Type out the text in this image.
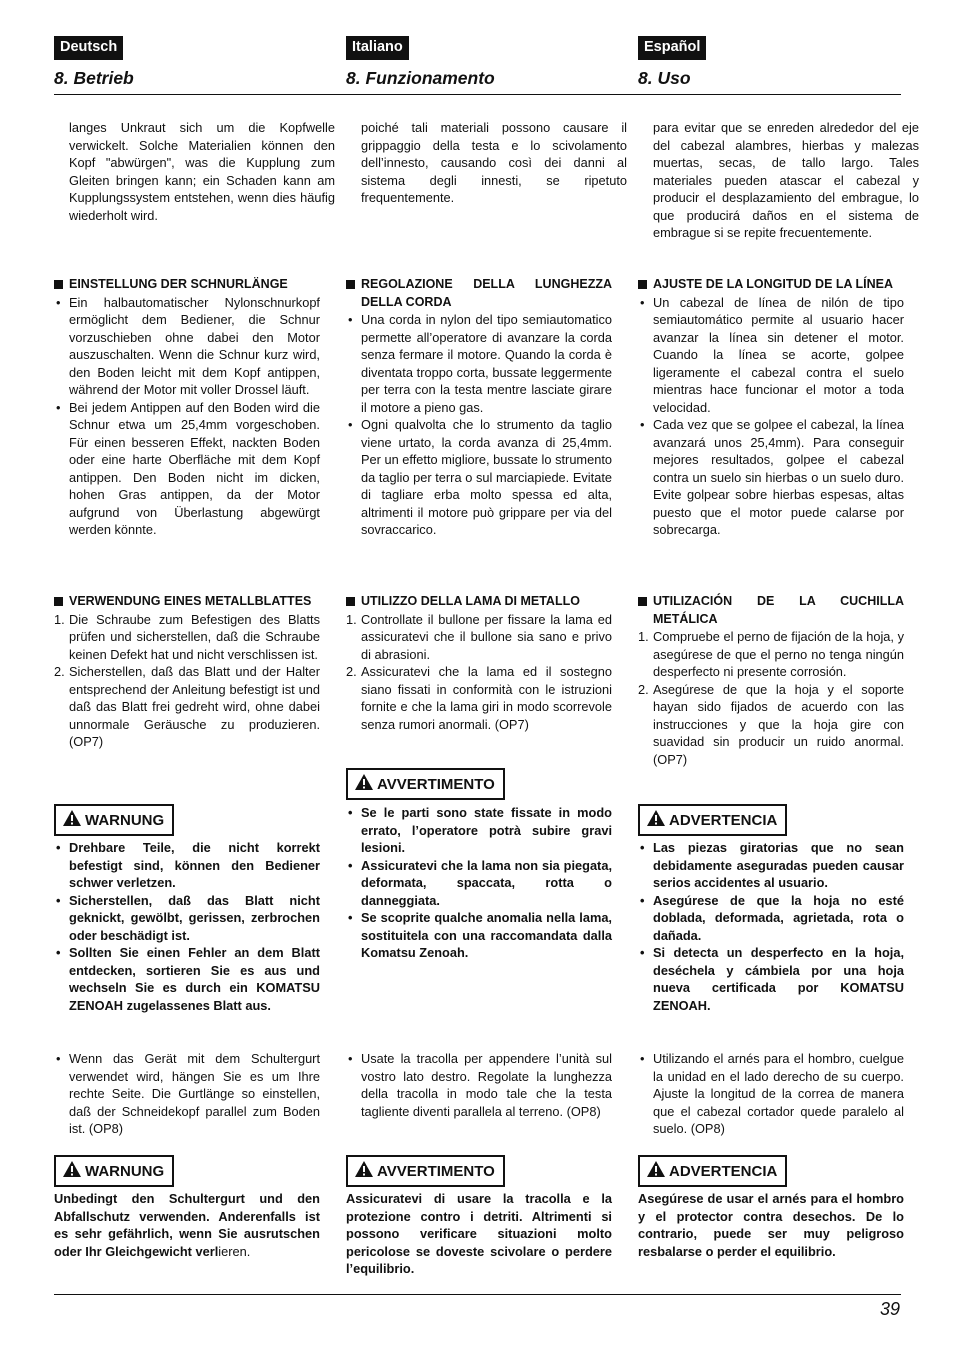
Deutsch
8. Betrieb
langes Unkraut sich um die Kopfwelle verwickelt. Solche Materialien können den Kopf "abwürgen", was die Kupplung zum Gleiten bringen kann; ein Schaden kann am Kupplungssystem entstehen, wenn dies häufig wiederholt wird.
EINSTELLUNG DER SCHNURLÄNGE
• Ein halbautomatischer Nylonschnurkopf ermöglicht dem Bediener, die Schnur vorzuschieben ohne dabei den Motor auszuschalten. Wenn die Schnur kurz wird, den Boden leicht mit dem Kopf antippen, während der Motor mit voller Drossel läuft.
• Bei jedem Antippen auf den Boden wird die Schnur etwa um 25,4mm vorgeschoben. Für einen besseren Effekt, nackten Boden oder eine harte Oberfläche mit dem Kopf antippen. Den Boden nicht im dicken, hohen Gras antippen, da der Motor aufgrund von Überlastung abgewürgt werden könnte.
VERWENDUNG EINES METALLBLATTES
1. Die Schraube zum Befestigen des Blatts prüfen und sicherstellen, daß die Schraube keinen Defekt hat und nicht verschlissen ist.
2. Sicherstellen, daß das Blatt und der Halter entsprechend der Anleitung befestigt ist und daß das Blatt frei gedreht wird, ohne dabei unnormale Geräusche zu produzieren. (OP7)
WARNUNG
• Drehbare Teile, die nicht korrekt befestigt sind, können den Bediener schwer verletzen.
• Sicherstellen, daß das Blatt nicht geknickt, gewölbt, gerissen, zerbrochen oder beschädigt ist.
• Sollten Sie einen Fehler an dem Blatt entdecken, sortieren Sie es aus und wechseln Sie es durch ein KOMATSU ZENOAH zugelassenes Blatt aus.
• Wenn das Gerät mit dem Schultergurt verwendet wird, hängen Sie es um Ihre rechte Seite. Die Gurtlänge so einstellen, daß der Schneidekopf parallel zum Boden ist. (OP8)
WARNUNG
Unbedingt den Schultergurt und den Abfallschutz verwenden. Anderenfalls ist es sehr gefährlich, wenn Sie ausrutschen oder Ihr Gleichgewicht verlieren.
Italiano
8. Funzionamento
poiché tali materiali possono causare il grippaggio della testa e lo scivolamento dell’innesto, causando così dei danni al sistema degli innesti, se ripetuto frequentemente.
REGOLAZIONE DELLA LUNGHEZZA DELLA CORDA
• Una corda in nylon del tipo semiautomatico permette all’operatore di avanzare la corda senza fermare il motore. Quando la corda è diventata troppo corta, bussate leggermente per terra con la testa mentre lasciate girare il motore a pieno gas.
• Ogni qualvolta che lo strumento da taglio viene urtato, la corda avanza di 25,4mm. Per un effetto migliore, bussate lo strumento da taglio per terra o sul marciapiede. Evitate di tagliare erba molto spessa ed alta, altrimenti il motore può grippare per via del sovraccarico.
UTILIZZO DELLA LAMA DI METALLO
1. Controllate il bullone per fissare la lama ed assicuratevi che il bullone sia sano e privo di abrasioni.
2. Assicuratevi che la lama ed il sostegno siano fissati in conformità con le istruzioni fornite e che la lama giri in modo scorrevole senza rumori anormali. (OP7)
AVVERTIMENTO
• Se le parti sono state fissate in modo errato, l’operatore potrà subire gravi lesioni.
• Assicuratevi che la lama non sia piegata, deformata, spaccata, rotta o danneggiata.
• Se scoprite qualche anomalia nella lama, sostituitela con una raccomandata dalla Komatsu Zenoah.
• Usate la tracolla per appendere l’unità sul vostro lato destro. Regolate la lunghezza della tracolla in modo tale che la testa tagliente diventi parallela al terreno. (OP8)
AVVERTIMENTO
Assicuratevi di usare la tracolla e la protezione contro i detriti. Altrimenti si possono verificare situazioni molto pericolose se doveste scivolare o perdere l’equilibrio.
Español
8. Uso
para evitar que se enreden alrededor del eje del cabezal alambres, hierbas y malezas muertas, secas, de tallo largo. Tales materiales pueden atascar el cabezal y producir el desplazamiento del embrague, lo que producirá daños en el sistema de embrague si se repite frecuentemente.
AJUSTE DE LA LONGITUD DE LA LÍNEA
• Un cabezal de línea de nilón de tipo semiautomático permite al usuario hacer avanzar la línea sin detener el motor. Cuando la línea se acorte, golpee ligeramente el cabezal contra el suelo mientras hace funcionar el motor a toda velocidad.
• Cada vez que se golpee el cabezal, la línea avanzará unos 25,4mm). Para conseguir mejores resultados, golpee el cabezal contra un suelo sin hierbas o un suelo duro. Evite golpear sobre hierbas espesas, altas puesto que el motor puede calarse por sobrecarga.
UTILIZACIÓN DE LA CUCHILLA METÁLICA
1. Compruebe el perno de fijación de la hoja, y asegúrese de que el perno no tenga ningún desperfecto ni presente corrosión.
2. Asegúrese de que la hoja y el soporte hayan sido fijados de acuerdo con las instrucciones y que la hoja gire con suavidad sin producir un ruido anormal. (OP7)
ADVERTENCIA
• Las piezas giratorias que no sean debidamente aseguradas pueden causar serios accidentes al usuario.
• Asegúrese de que la hoja no esté doblada, deformada, agrietada, rota o dañada.
• Si detecta un desperfecto en la hoja, deséchela y cámbiela por una hoja nueva certificada por KOMATSU ZENOAH.
• Utilizando el arnés para el hombro, cuelgue la unidad en el lado derecho de su cuerpo. Ajuste la longitud de la correa de manera que el cabezal cortador quede paralelo al suelo. (OP8)
ADVERTENCIA
Asegúrese de usar el arnés para el hombro y el protector contra desechos. De lo contrario, puede ser muy peligroso resbalarse o perder el equilibrio.
39
